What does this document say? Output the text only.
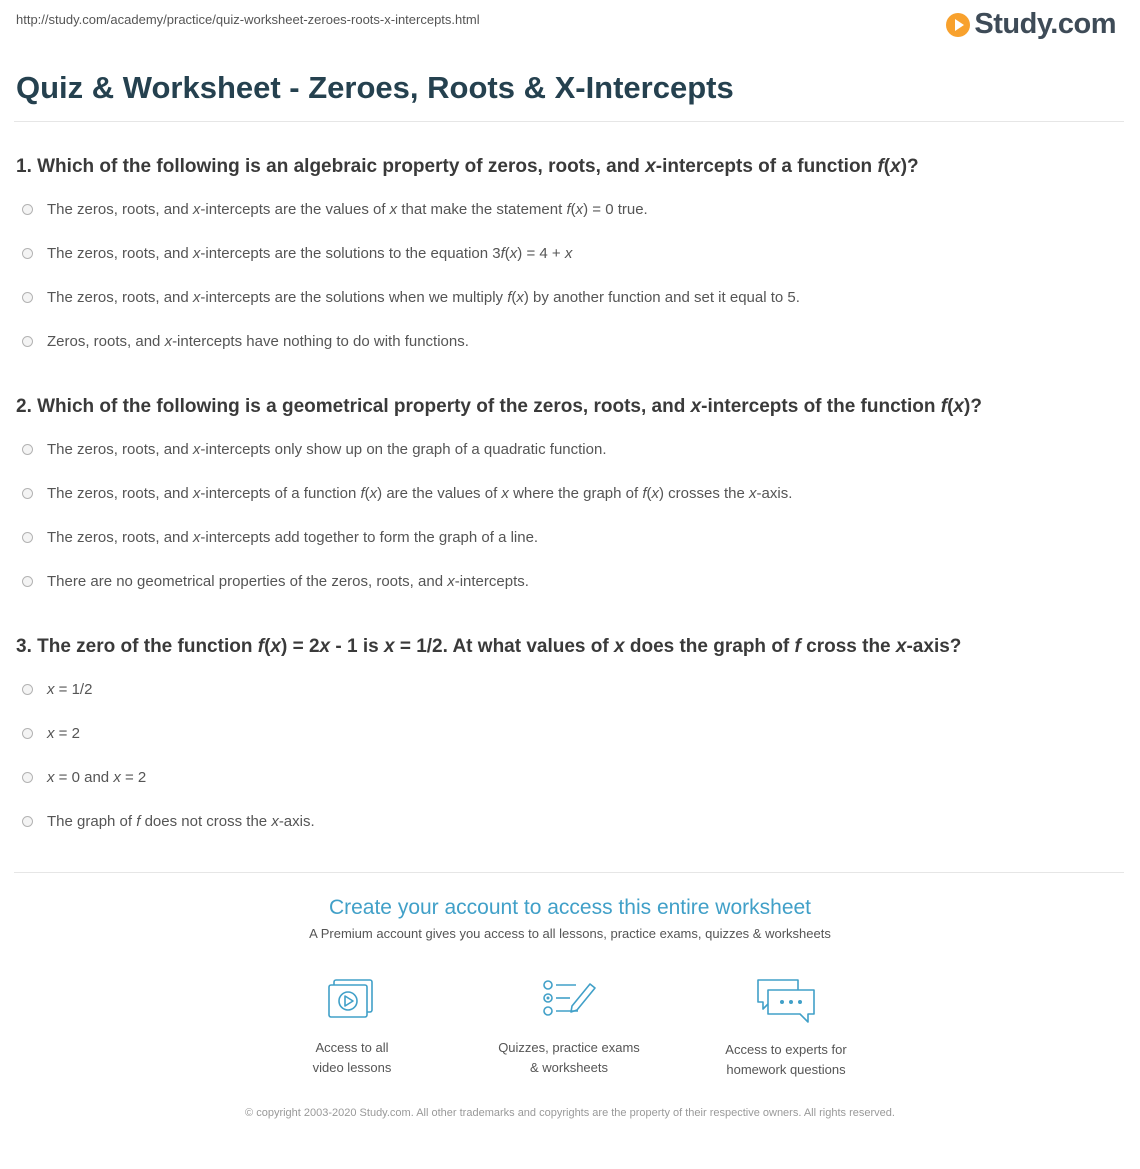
http://study.com/academy/practice/quiz-worksheet-zeroes-roots-x-intercepts.html	Study.com
Quiz & Worksheet - Zeroes, Roots & X-Intercepts
1. Which of the following is an algebraic property of zeros, roots, and x-intercepts of a function f(x)?
The zeros, roots, and x-intercepts are the values of x that make the statement f(x) = 0 true.
The zeros, roots, and x-intercepts are the solutions to the equation 3f(x) = 4 + x
The zeros, roots, and x-intercepts are the solutions when we multiply f(x) by another function and set it equal to 5.
Zeros, roots, and x-intercepts have nothing to do with functions.
2. Which of the following is a geometrical property of the zeros, roots, and x-intercepts of the function f(x)?
The zeros, roots, and x-intercepts only show up on the graph of a quadratic function.
The zeros, roots, and x-intercepts of a function f(x) are the values of x where the graph of f(x) crosses the x-axis.
The zeros, roots, and x-intercepts add together to form the graph of a line.
There are no geometrical properties of the zeros, roots, and x-intercepts.
3. The zero of the function f(x) = 2x - 1 is x = 1/2. At what values of x does the graph of f cross the x-axis?
x = 1/2
x = 2
x = 0 and x = 2
The graph of f does not cross the x-axis.
Create your account to access this entire worksheet
A Premium account gives you access to all lessons, practice exams, quizzes & worksheets
Access to all
video lessons
Quizzes, practice exams
& worksheets
Access to experts for
homework questions
© copyright 2003-2020 Study.com. All other trademarks and copyrights are the property of their respective owners. All rights reserved.
